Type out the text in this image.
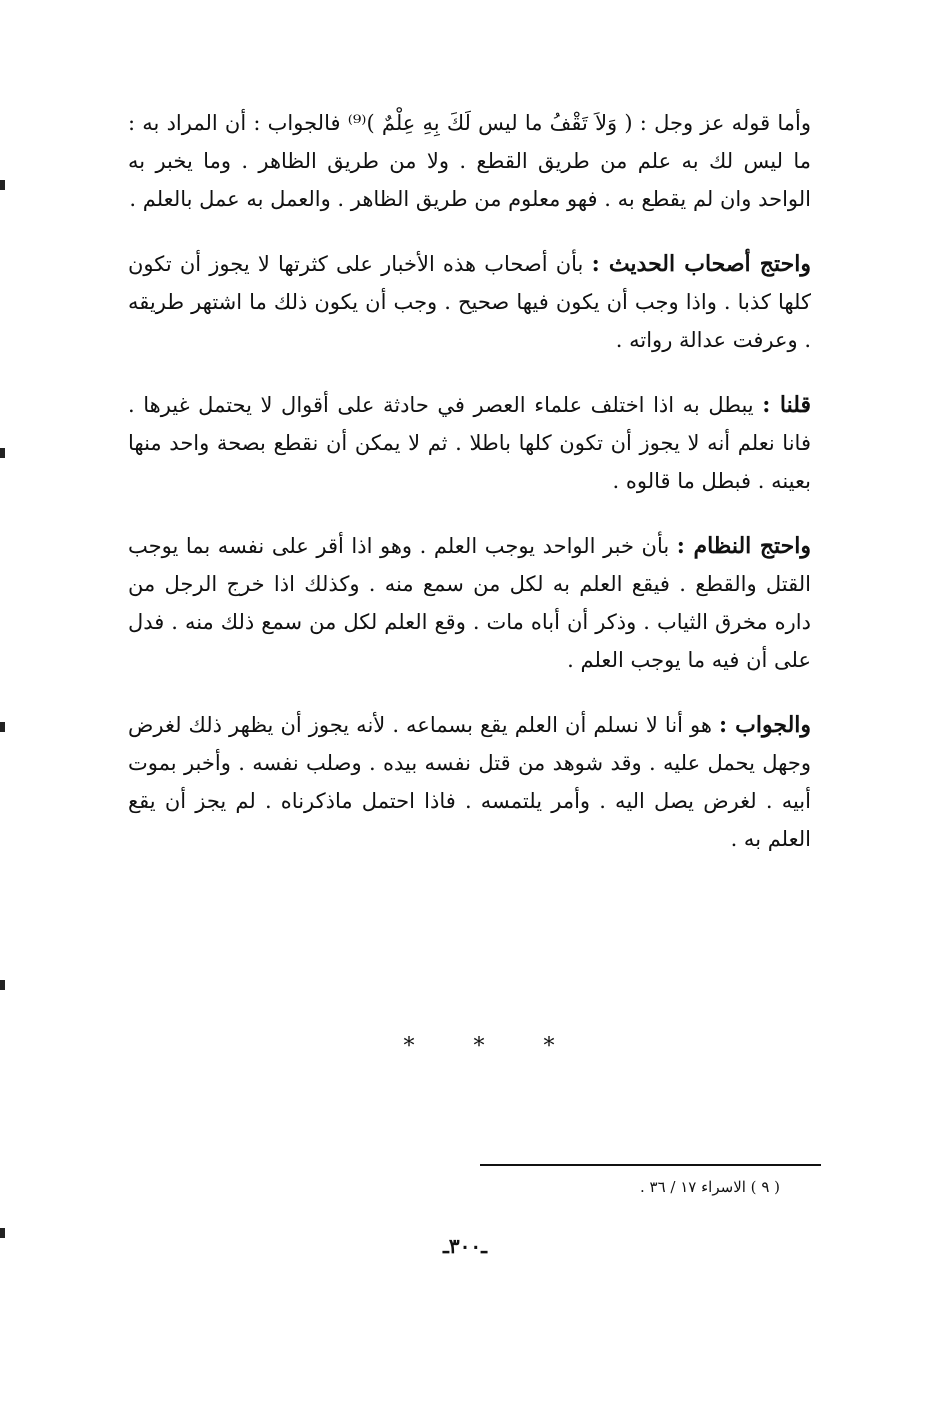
وأما قوله عز وجل : ( وَلاَ تَقْفُ ما ليس لَكَ بِهِ عِلْمٌ )⁽⁹⁾ فالجواب : أن المراد به : ما ليس لك به علم من طريق القطع . ولا من طريق الظاهر . وما يخبر به الواحد وان لم يقطع به . فهو معلوم من طريق الظاهر . والعمل به عمل بالعلم .

واحتج أصحاب الحديث : بأن أصحاب هذه الأخبار على كثرتها لا يجوز أن تكون كلها كذبا . واذا وجب أن يكون فيها صحيح . وجب أن يكون ذلك ما اشتهر طريقه . وعرفت عدالة رواته .

قلنا : يبطل به اذا اختلف علماء العصر في حادثة على أقوال لا يحتمل غيرها . فانا نعلم أنه لا يجوز أن تكون كلها باطلا . ثم لا يمكن أن نقطع بصحة واحد منها بعينه . فبطل ما قالوه .

واحتج النظام : بأن خبر الواحد يوجب العلم . وهو اذا أقر على نفسه بما يوجب القتل والقطع . فيقع العلم به لكل من سمع منه . وكذلك اذا خرج الرجل من داره مخرق الثياب . وذكر أن أباه مات . وقع العلم لكل من سمع ذلك منه . فدل على أن فيه ما يوجب العلم .

والجواب : هو أنا لا نسلم أن العلم يقع بسماعه . لأنه يجوز أن يظهر ذلك لغرض وجهل يحمل عليه . وقد شوهد من قتل نفسه بيده . وصلب نفسه . وأخبر بموت أبيه . لغرض يصل اليه . وأمر يلتمسه . فاذا احتمل ماذكرناه . لم يجز أن يقع العلم به .

* * *
( ٩ ) الاسراء ١٧ / ٣٦ .
ـ٣٠٠ـ
